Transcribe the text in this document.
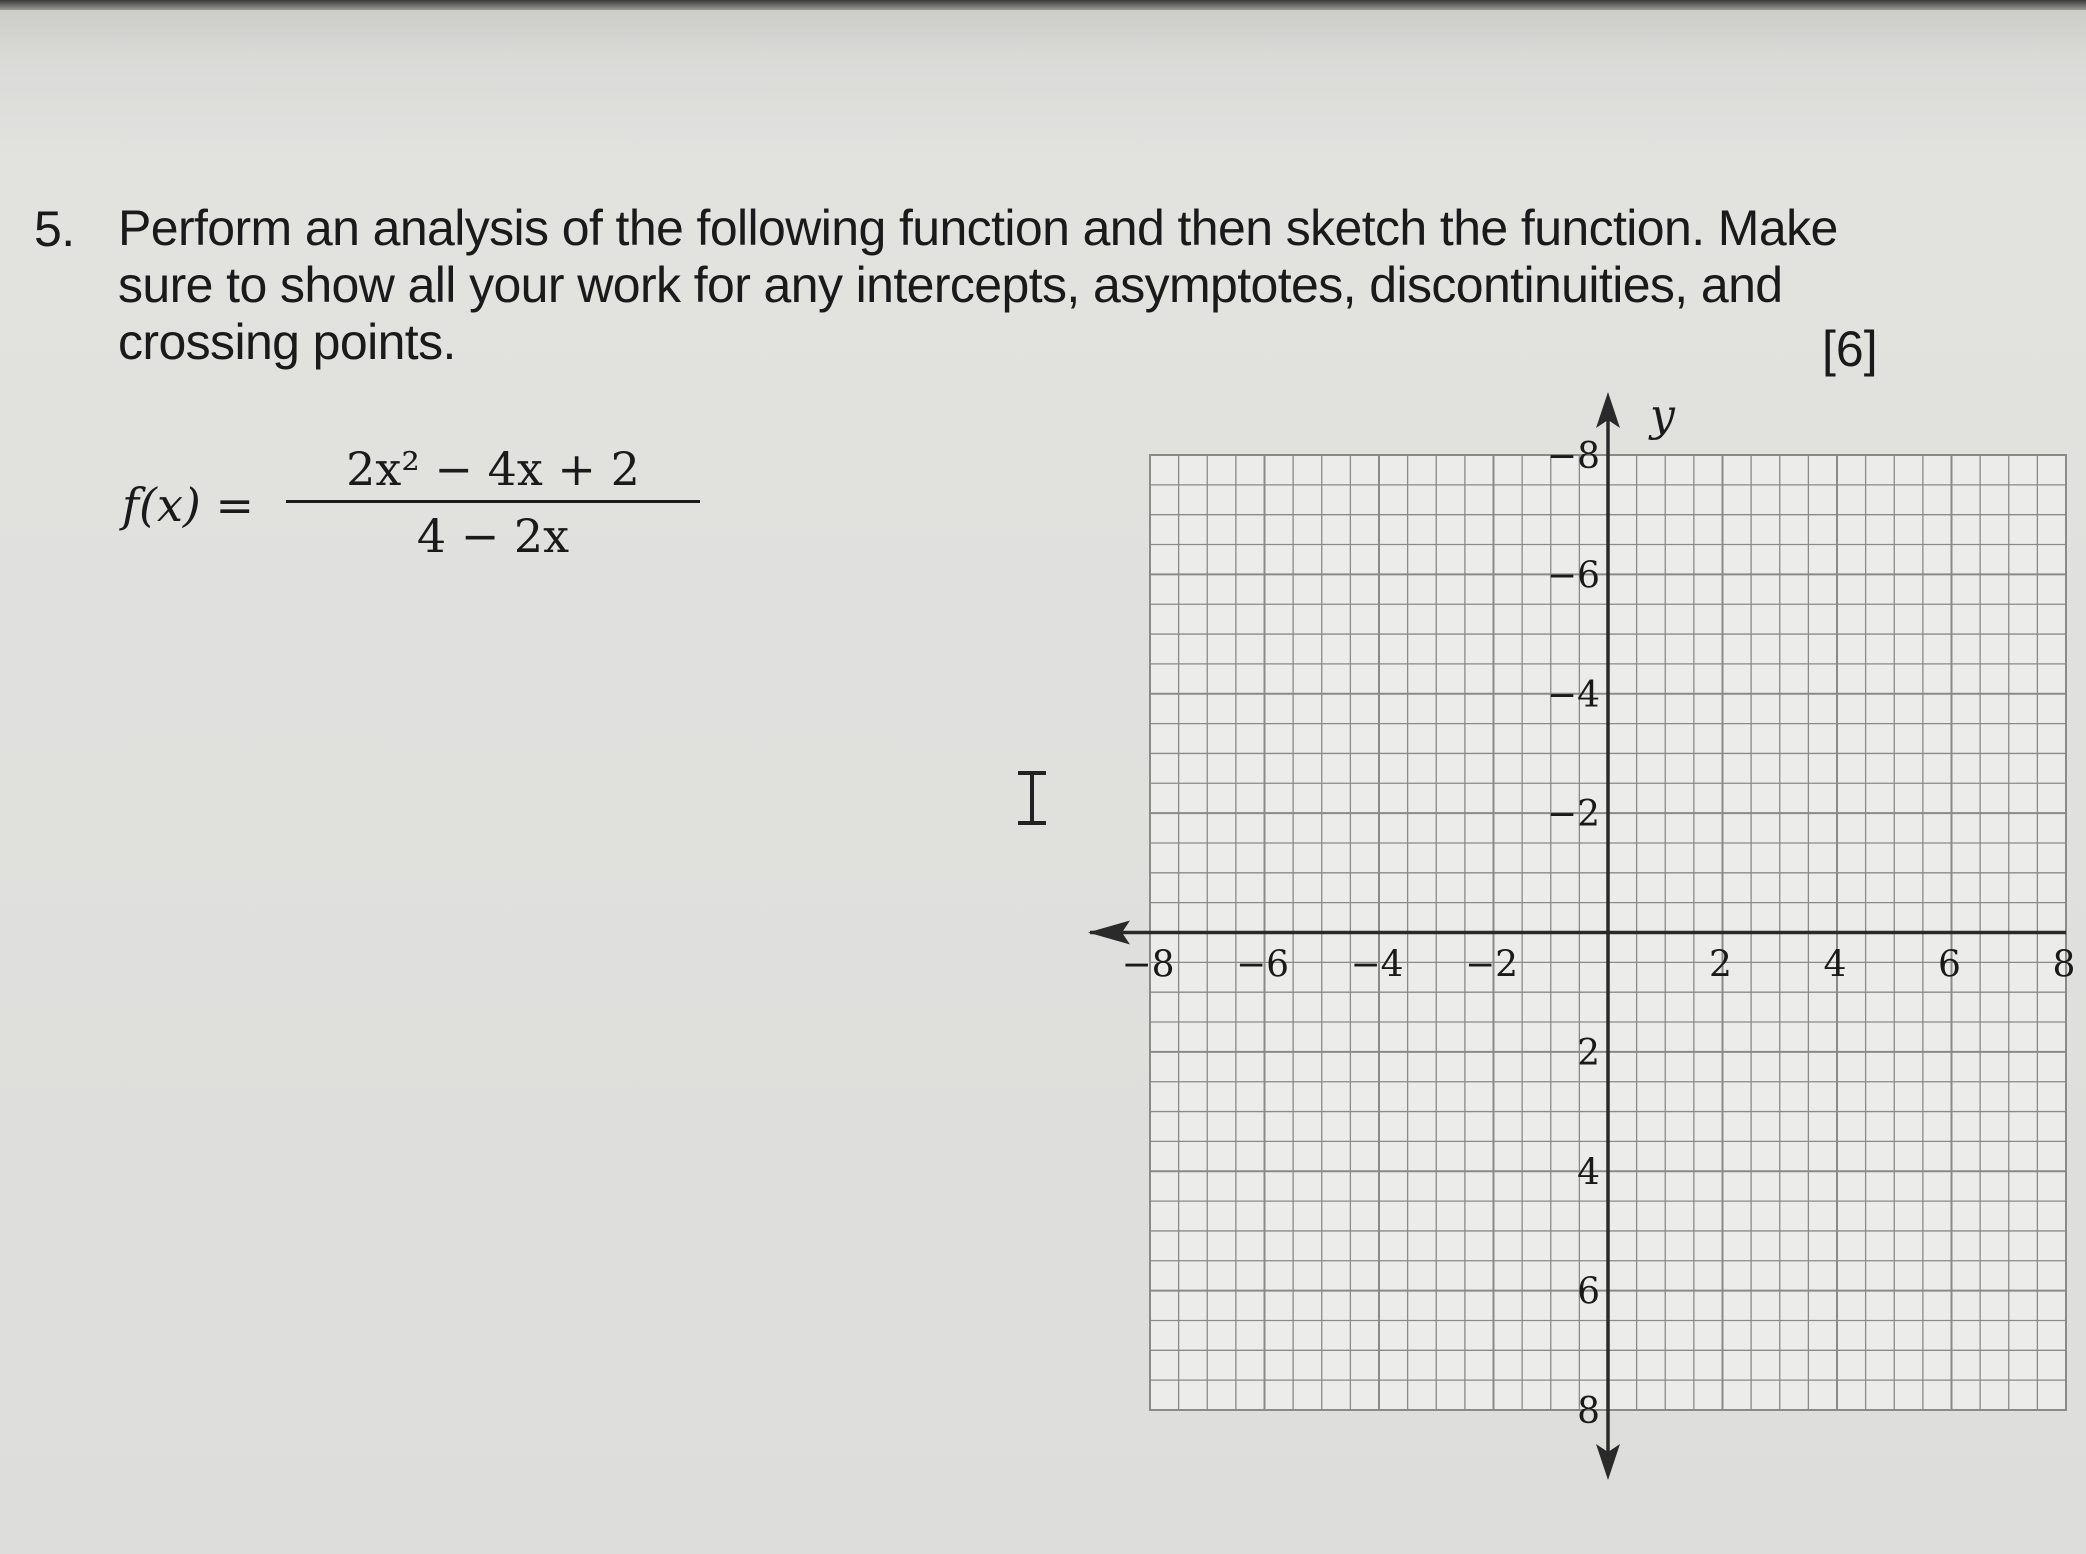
5. Perform an analysis of the following function and then sketch the function. Make sure to show all your work for any intercepts, asymptotes, discontinuities, and crossing points.	[6]
f(x) =
2x² − 4x + 2
4 − 2x
−8 −6 −4 −2	2	4	6	8
8
6
4
2
−2
−4
−6
−8
y
